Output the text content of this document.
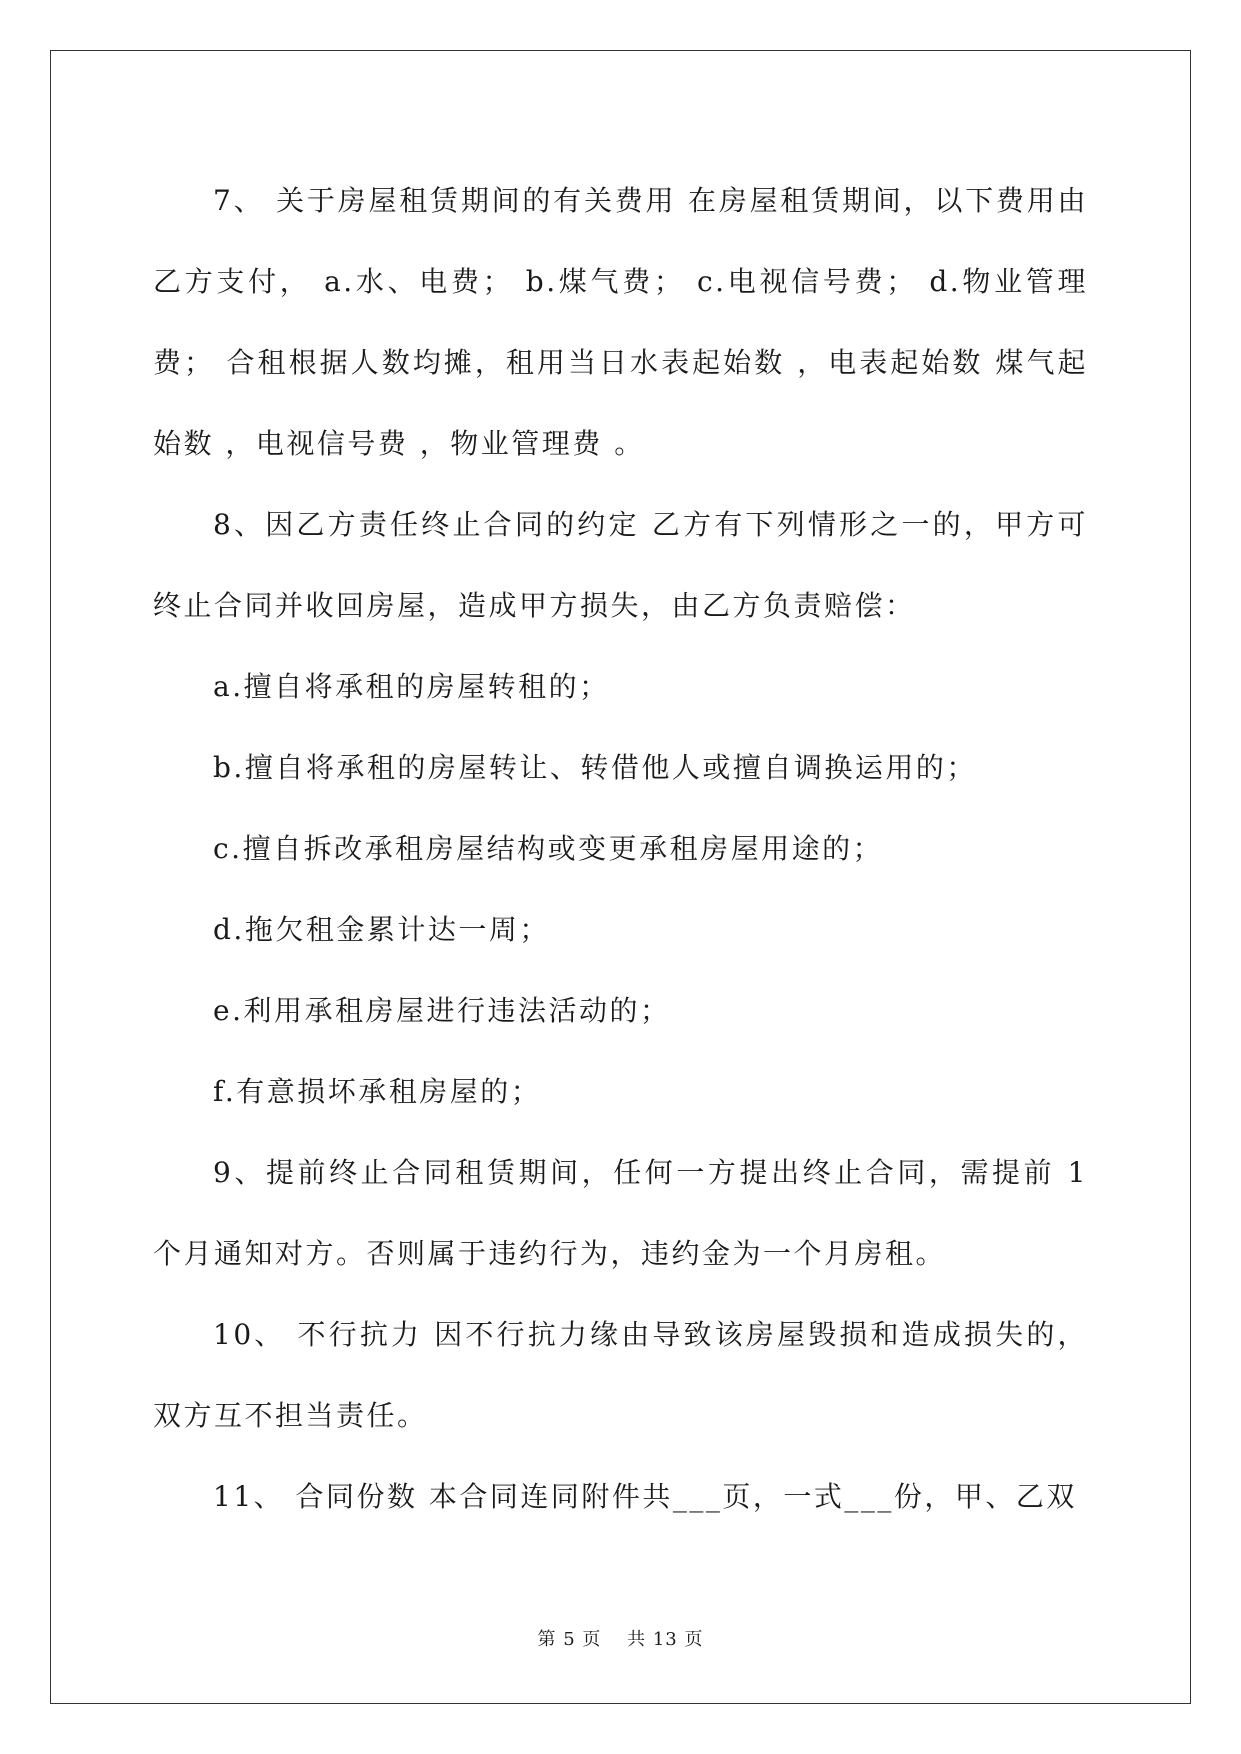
7、 关于房屋租赁期间的有关费用 在房屋租赁期间，以下费用由乙方支付， a.水、电费； b.煤气费； c.电视信号费； d.物业管理费； 合租根据人数均摊，租用当日水表起始数 ，电表起始数 煤气起始数 ，电视信号费 ，物业管理费 。

8、因乙方责任终止合同的约定 乙方有下列情形之一的，甲方可终止合同并收回房屋，造成甲方损失，由乙方负责赔偿：

a.擅自将承租的房屋转租的；

b.擅自将承租的房屋转让、转借他人或擅自调换运用的；

c.擅自拆改承租房屋结构或变更承租房屋用途的；

d.拖欠租金累计达一周；

e.利用承租房屋进行违法活动的；

f.有意损坏承租房屋的；

9、提前终止合同租赁期间，任何一方提出终止合同，需提前 1 个月通知对方。否则属于违约行为，违约金为一个月房租。

10、 不行抗力 因不行抗力缘由导致该房屋毁损和造成损失的，双方互不担当责任。

11、 合同份数 本合同连同附件共___页，一式___份，甲、乙双

第 5 页　 共 13 页
